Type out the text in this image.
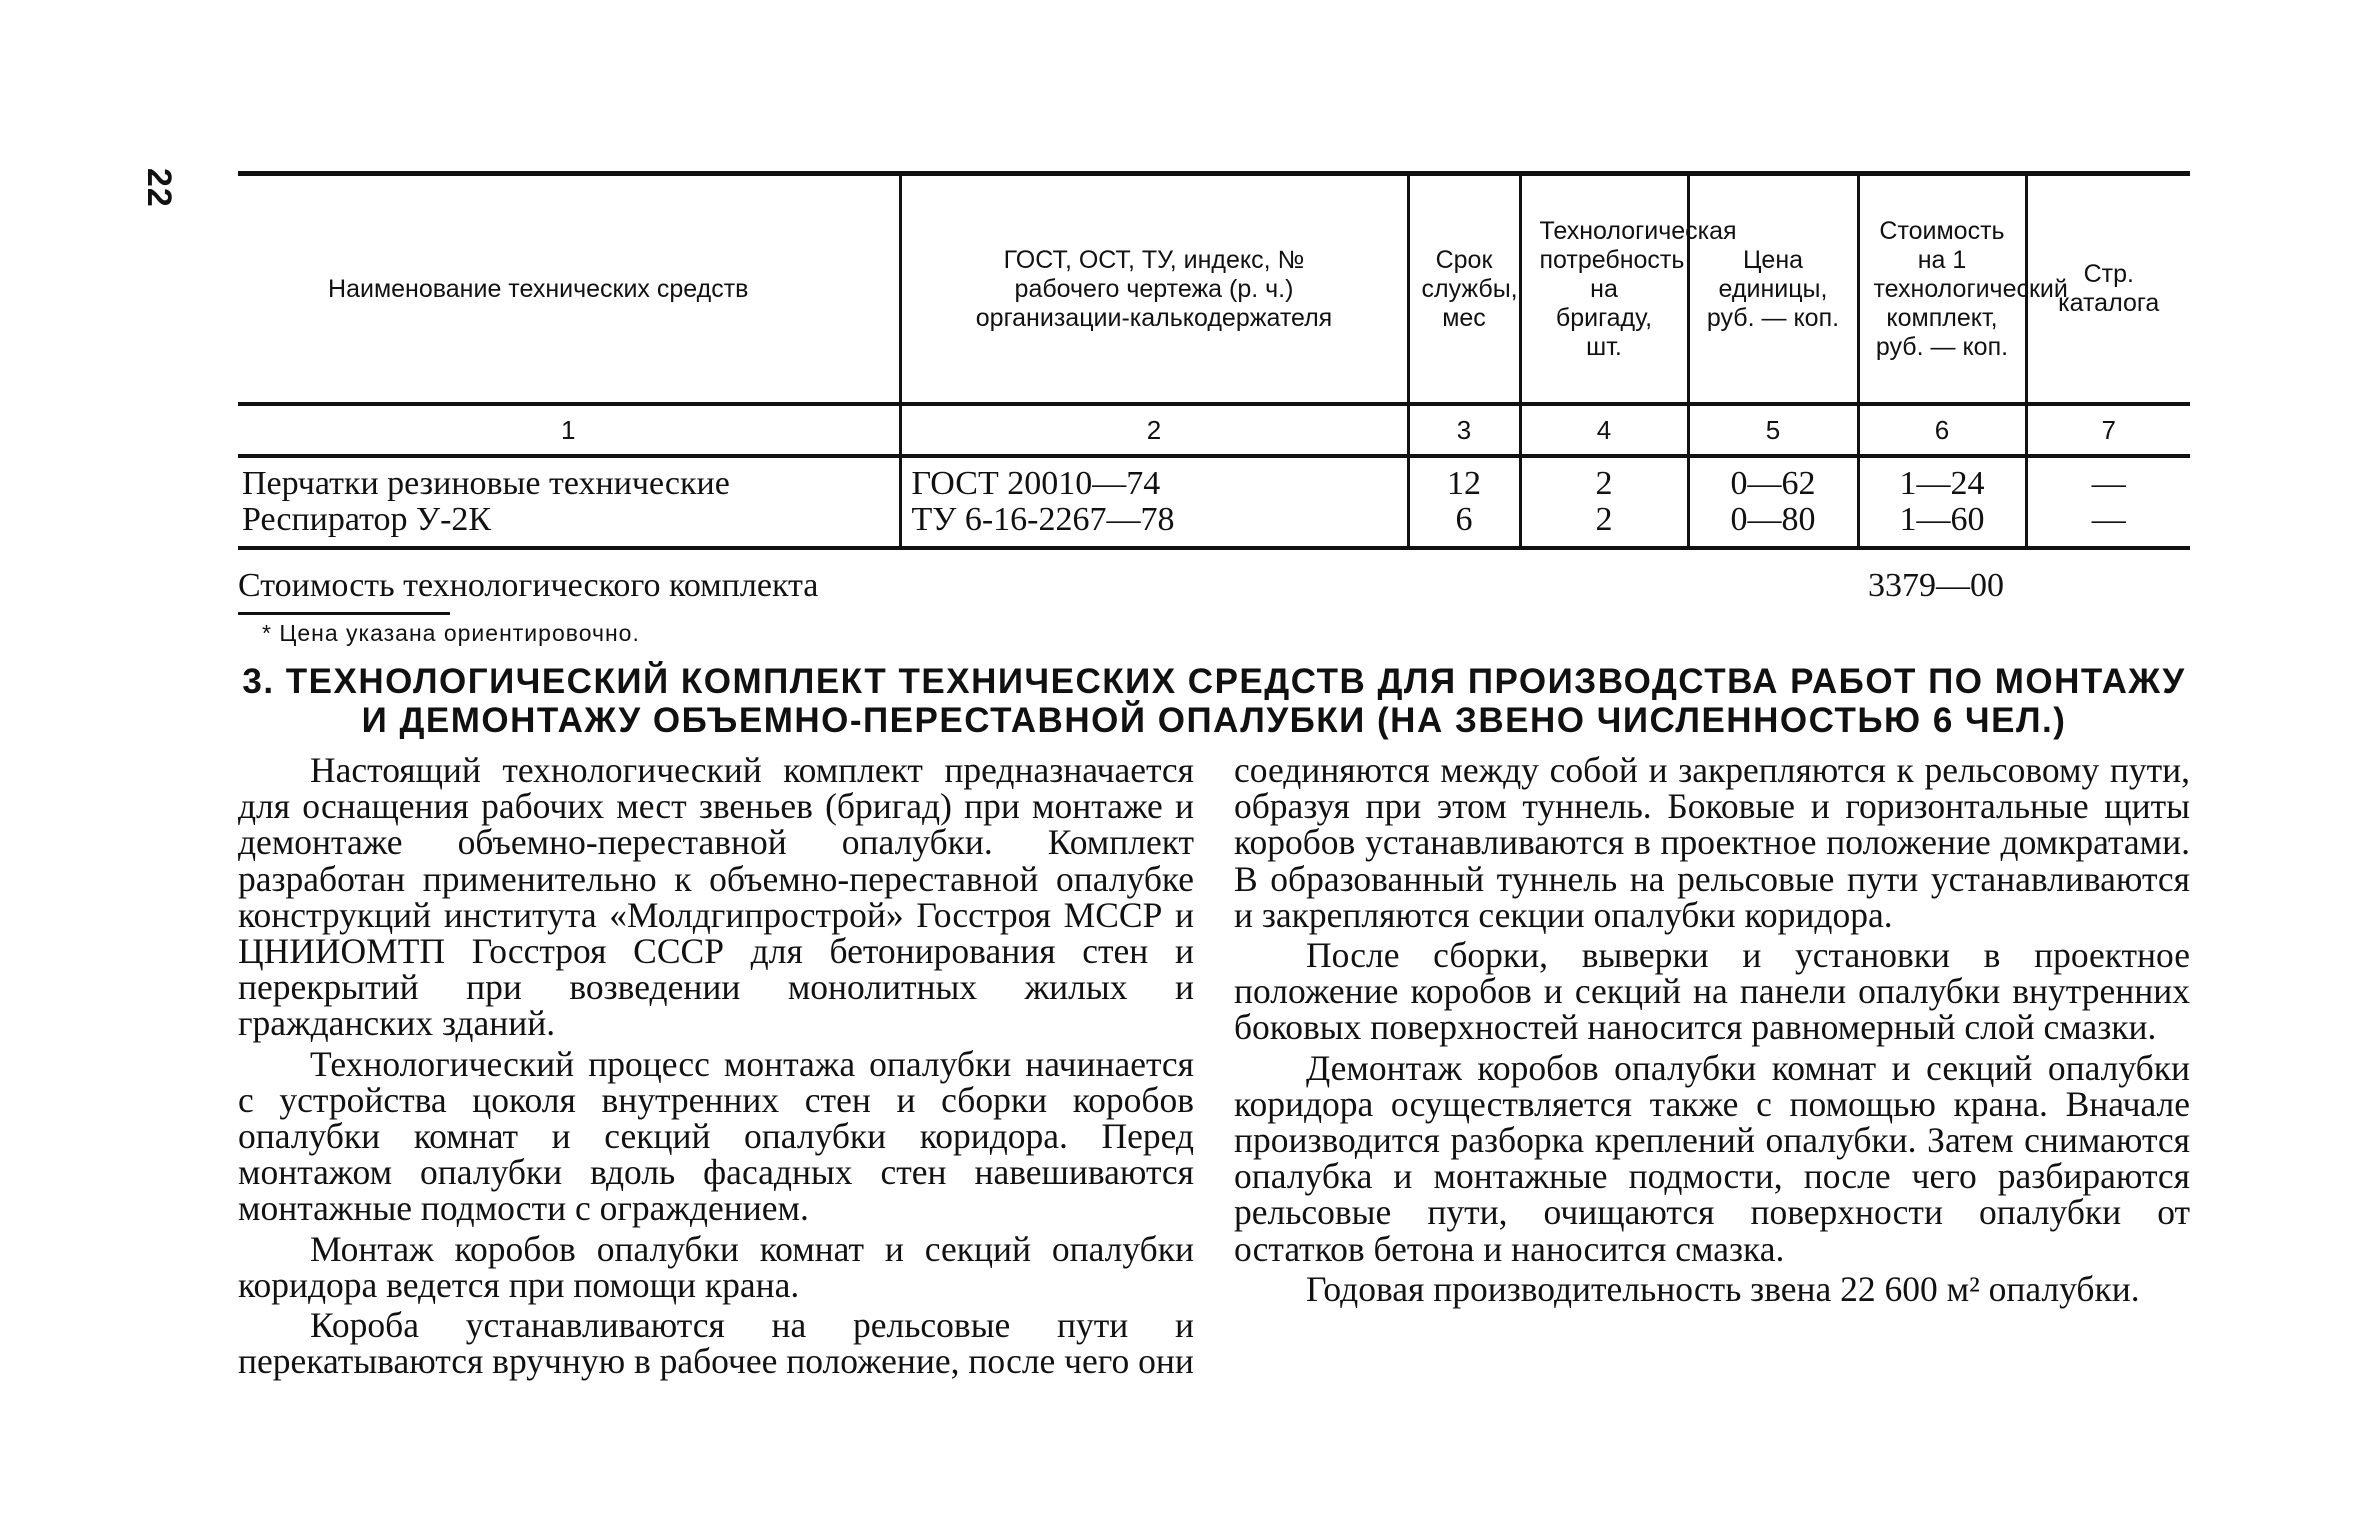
22
Наименование технических средств	ГОСТ, ОСТ, ТУ, индекс, № рабочего чертежа (р. ч.) организации-калькодержателя	Срок службы, мес	Технологическая потребность на бригаду, шт.	Цена единицы, руб. — коп.	Стоимость на 1 технологический комплект, руб. — коп.	Стр. каталога
1	2	3	4	5	6	7
Перчатки резиновые технические	ГОСТ 20010—74	12	2	0—62	1—24	—
Респиратор У-2К	ТУ 6-16-2267—78	6	2	0—80	1—60	—
Стоимость технологического комплекта	3379—00
* Цена указана ориентировочно.
3. ТЕХНОЛОГИЧЕСКИЙ КОМПЛЕКТ ТЕХНИЧЕСКИХ СРЕДСТВ ДЛЯ ПРОИЗВОДСТВА РАБОТ ПО МОНТАЖУ И ДЕМОНТАЖУ ОБЪЕМНО-ПЕРЕСТАВНОЙ ОПАЛУБКИ (НА ЗВЕНО ЧИСЛЕННОСТЬЮ 6 ЧЕЛ.)

Настоящий технологический комплект предназначается для оснащения рабочих мест звеньев (бригад) при монтаже и демонтаже объемно-переставной опалубки. Комплект разработан применительно к объемно-переставной опалубке конструкций института «Молдгипрострой» Госстроя МССР и ЦНИИОМТП Госстроя СССР для бетонирования стен и перекрытий при возведении монолитных жилых и гражданских зданий.

Технологический процесс монтажа опалубки начинается с устройства цоколя внутренних стен и сборки коробов опалубки комнат и секций опалубки коридора. Перед монтажом опалубки вдоль фасадных стен навешиваются монтажные подмости с ограждением.

Монтаж коробов опалубки комнат и секций опалубки коридора ведется при помощи крана.

Короба устанавливаются на рельсовые пути и перекатываются вручную в рабочее положение, после чего они

соединяются между собой и закрепляются к рельсовому пути, образуя при этом туннель. Боковые и горизонтальные щиты коробов устанавливаются в проектное положение домкратами. В образованный туннель на рельсовые пути устанавливаются и закрепляются секции опалубки коридора.

После сборки, выверки и установки в проектное положение коробов и секций на панели опалубки внутренних боковых поверхностей наносится равномерный слой смазки.

Демонтаж коробов опалубки комнат и секций опалубки коридора осуществляется также с помощью крана. Вначале производится разборка креплений опалубки. Затем снимаются опалубка и монтажные подмости, после чего разбираются рельсовые пути, очищаются поверхности опалубки от остатков бетона и наносится смазка.

Годовая производительность звена 22 600 м² опалубки.
